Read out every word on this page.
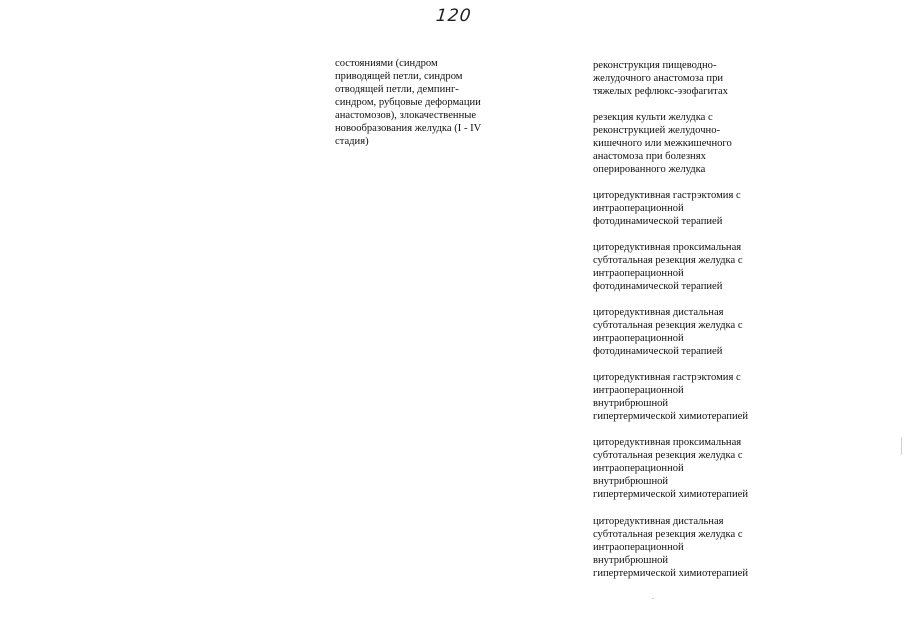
120
состояниями (синдром
приводящей петли, синдром
отводящей петли, демпинг-
синдром, рубцовые деформации
анастомозов), злокачественные
новообразования желудка (I - IV
стадия)
реконструкция пищеводно-
желудочного анастомоза при
тяжелых рефлюкс-эзофагитах
резекция культи желудка с
реконструкцией желудочно-
кишечного или межкишечного
анастомоза при болезнях
оперированного желудка
циторедуктивная гастрэктомия с
интраоперационной
фотодинамической терапией
циторедуктивная проксимальная
субтотальная резекция желудка с
интраоперационной
фотодинамической терапией
циторедуктивная дистальная
субтотальная резекция желудка с
интраоперационной
фотодинамической терапией
циторедуктивная гастрэктомия с
интраоперационной
внутрибрюшной
гипертермической химиотерапией
циторедуктивная проксимальная
субтотальная резекция желудка с
интраоперационной
внутрибрюшной
гипертермической химиотерапией
циторедуктивная дистальная
субтотальная резекция желудка с
интраоперационной
внутрибрюшной
гипертермической химиотерапией
